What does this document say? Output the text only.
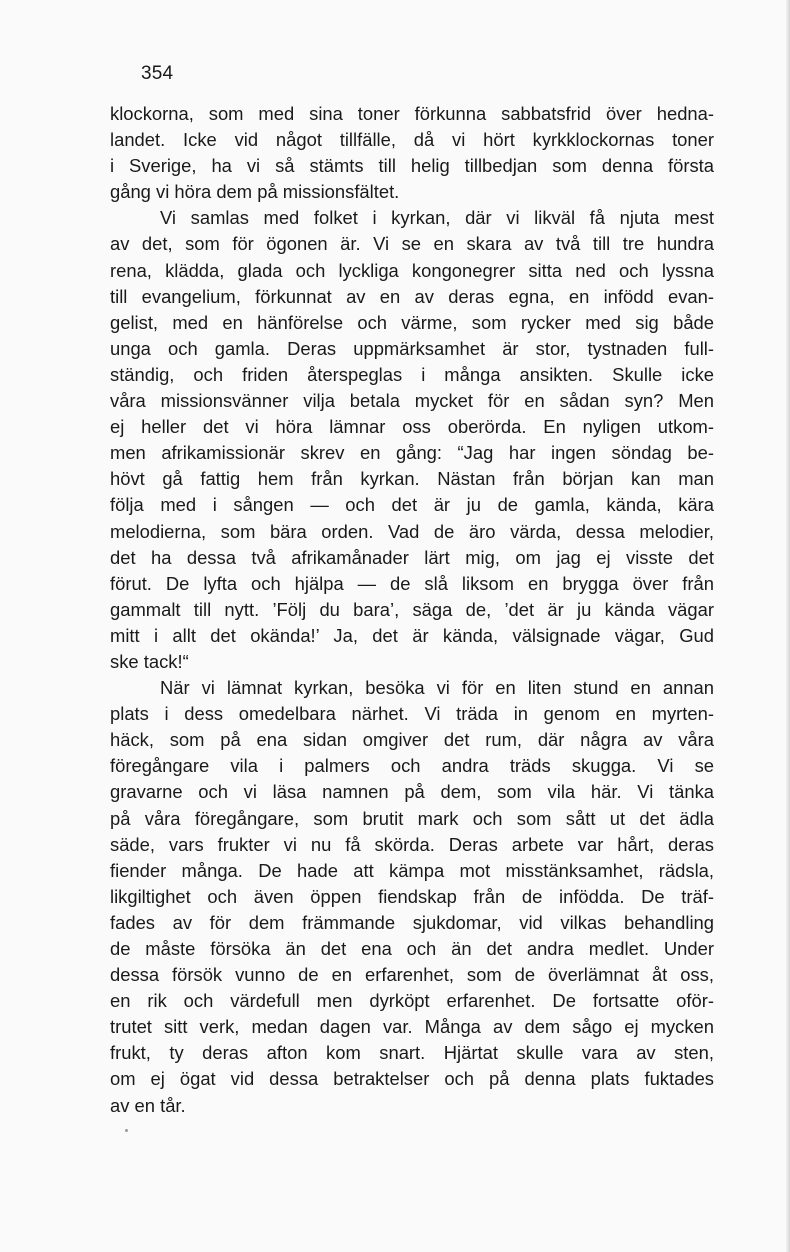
354
klockorna, som med sina toner förkunna sabbatsfrid över hedna-
landet. Icke vid något tillfälle, då vi hört kyrkklockornas toner
i Sverige, ha vi så stämts till helig tillbedjan som denna första
gång vi höra dem på missionsfältet.
Vi samlas med folket i kyrkan, där vi likväl få njuta mest
av det, som för ögonen är. Vi se en skara av två till tre hundra
rena, klädda, glada och lyckliga kongonegrer sitta ned och lyssna
till evangelium, förkunnat av en av deras egna, en infödd evan-
gelist, med en hänförelse och värme, som rycker med sig både
unga och gamla. Deras uppmärksamhet är stor, tystnaden full-
ständig, och friden återspeglas i många ansikten. Skulle icke
våra missionsvänner vilja betala mycket för en sådan syn? Men
ej heller det vi höra lämnar oss oberörda. En nyligen utkom-
men afrikamissionär skrev en gång: “Jag har ingen söndag be-
hövt gå fattig hem från kyrkan. Nästan från början kan man
följa med i sången — och det är ju de gamla, kända, kära
melodierna, som bära orden. Vad de äro värda, dessa melodier,
det ha dessa två afrikamånader lärt mig, om jag ej visste det
förut. De lyfta och hjälpa — de slå liksom en brygga över från
gammalt till nytt. ’Följ du bara’, säga de, ’det är ju kända vägar
mitt i allt det okända!’ Ja, det är kända, välsignade vägar, Gud
ske tack!“
När vi lämnat kyrkan, besöka vi för en liten stund en annan
plats i dess omedelbara närhet. Vi träda in genom en myrten-
häck, som på ena sidan omgiver det rum, där några av våra
föregångare vila i palmers och andra träds skugga. Vi se
gravarne och vi läsa namnen på dem, som vila här. Vi tänka
på våra föregångare, som brutit mark och som sått ut det ädla
säde, vars frukter vi nu få skörda. Deras arbete var hårt, deras
fiender många. De hade att kämpa mot misstänksamhet, rädsla,
likgiltighet och även öppen fiendskap från de infödda. De träf-
fades av för dem främmande sjukdomar, vid vilkas behandling
de måste försöka än det ena och än det andra medlet. Under
dessa försök vunno de en erfarenhet, som de överlämnat åt oss,
en rik och värdefull men dyrköpt erfarenhet. De fortsatte oför-
trutet sitt verk, medan dagen var. Många av dem sågo ej mycken
frukt, ty deras afton kom snart. Hjärtat skulle vara av sten,
om ej ögat vid dessa betraktelser och på denna plats fuktades
av en tår.
